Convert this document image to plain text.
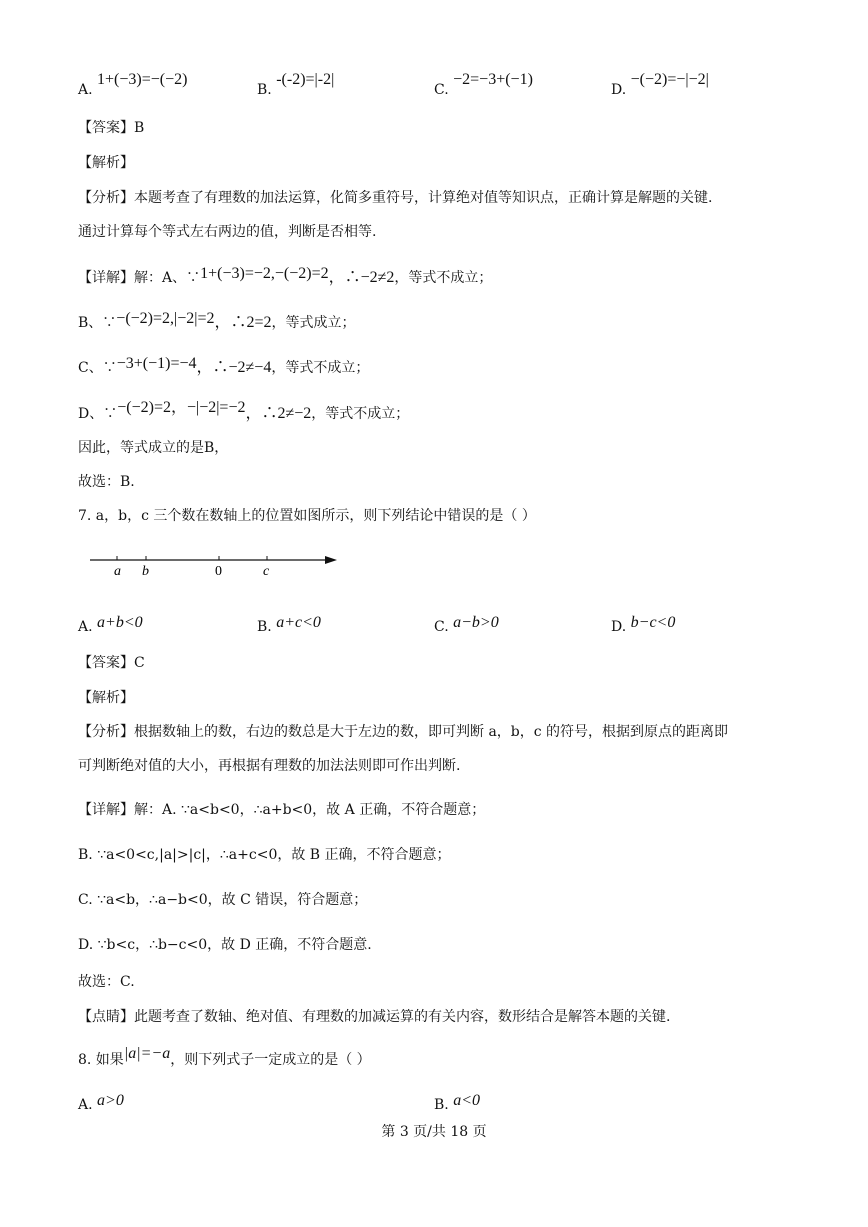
A. 1+(−3)=−(−2)
B. -(-2)=|-2|
C. −2=−3+(−1)
D. −(−2)=−|−2|
【答案】B
【解析】
【分析】本题考查了有理数的加法运算，化简多重符号，计算绝对值等知识点，正确计算是解题的关键.
通过计算每个等式左右两边的值，判断是否相等.
【详解】解：A、∵1+(−3)=−2,−(−2)=2，∴−2≠2，等式不成立；
B、∵−(−2)=2,|−2|=2，∴2=2，等式成立；
C、∵−3+(−1)=−4，∴−2≠−4，等式不成立；
D、∵−(−2)=2，−|−2|=−2，∴2≠−2，等式不成立；
因此，等式成立的是B，
故选：B.
7. a，b，c 三个数在数轴上的位置如图所示，则下列结论中错误的是（ ）
a b	0	c
A. a+b<0	B. a+c<0	C. a−b>0	D. b−c<0
【答案】C
【解析】
【分析】根据数轴上的数，右边的数总是大于左边的数，即可判断 a，b，c 的符号，根据到原点的距离即
可判断绝对值的大小，再根据有理数的加法法则即可作出判断.
【详解】解：A. ∵a<b<0，∴a+b<0，故 A 正确，不符合题意；
B. ∵a<0<c,|a|>|c|，∴a+c<0，故 B 正确，不符合题意；
C. ∵a<b，∴a−b<0，故 C 错误，符合题意；
D. ∵b<c，∴b−c<0，故 D 正确，不符合题意.
故选：C.
【点睛】此题考查了数轴、绝对值、有理数的加减运算的有关内容，数形结合是解答本题的关键.
8. 如果|a|=−a，则下列式子一定成立的是（ ）
A. a>0	B. a<0
第 3 页/共 18 页
